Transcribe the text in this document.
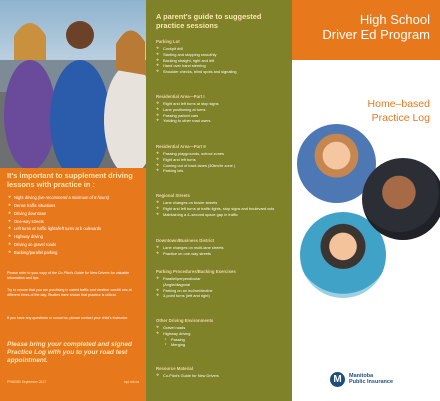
It's important to supplement driving lessons with practice in :
❖ Night driving (we recommend a minimum of 8 hours)
❖ Dense traffic situations
❖ Driving downtown
❖ One-way streets
❖ Left turns at traffic lights/left turns at b oulevards
❖ Highway driving
❖ Driving on gravel roads
❖ Backing/parallel parking

Please refer to your copy of the Co-Pilot's Guide for New Drivers for valuable information and tips.

Try to ensure that you are practising in varied traffic and weather conditi ons at different times of the day. Studies have shown that practice is critical.

If you have any questions or concerns, please contact your child's instructor.

Please bring your completed and signed Practice Log with you to your road test appointment.
PR50080 September 2017	mpi.mb.ca
A parent's guide to suggested practice sessions
Parking Lot
❖ Cockpit drill
❖ Starting and stopping smoothly
❖ Backing straight, right and left
❖ Hand over hand steering
❖ Shoulder checks, blind spots and signaling
Residential Area—Part I
❖ Right and left turns at stop signs
❖ Lane positioning at turns
❖ Passing parked cars
❖ Yielding to other road users
Residential Area—Part II
❖ Passing playgrounds, school zones
❖ Right and left turns
❖ Coming out of back lanes (30km/hr zone )
❖ Parking lots
Regional Streets
❖ Lane changes on busier streets
❖ Right and left turns at traffic lights, stop signs and boulevard cuts
❖ Maintaining a 4–second space gap in traffic
Downtown/Business District
❖ Lane changes on multi-lane streets
❖ Practice on one-way streets
Parking Procedures/Backing Exercises
❖ Parallel/perpendicular (Angle/diagonal
❖ Parking on an incline/decline
❖ 3-point turns (left and right)
Other Driving Environments
❖ Gravel roads
❖ Highway driving
• Passing
• Merging
Resource Material
❖ Co-Pilot's Guide for New Drivers
High School
Driver Ed Program
Home–based
Practice Log
M	Manitoba
Public Insurance
